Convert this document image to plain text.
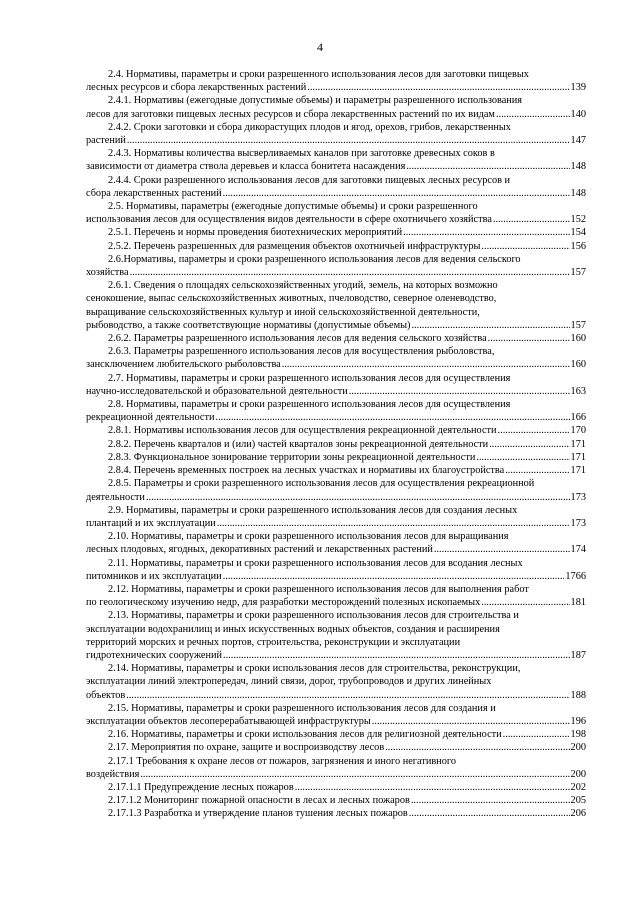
4
2.4. Нормативы, параметры и сроки разрешенного использования лесов для заготовки пищевых
лесных ресурсов и сбора лекарственных растений .....	139
2.4.1. Нормативы (ежегодные допустимые объемы) и параметры разрешенного использования
лесов для заготовки пищевых лесных ресурсов и сбора лекарственных растений по их видам .....	140
2.4.2. Сроки заготовки и сбора дикорастущих плодов и ягод, орехов, грибов, лекарственных
растений .....	147
2.4.3. Нормативы количества высверливаемых каналов при заготовке древесных соков в
зависимости от диаметра ствола деревьев и класса бонитета насаждения .....	148
2.4.4. Сроки разрешенного использования лесов для заготовки пищевых лесных ресурсов и
сбора лекарственных растений .....	148
2.5. Нормативы, параметры (ежегодные допустимые объемы) и сроки разрешенного
использования лесов для осуществления видов деятельности в сфере охотничьего хозяйства .....	152
2.5.1. Перечень и нормы проведения биотехнических мероприятий .....	154
2.5.2. Перечень разрешенных для размещения объектов охотничьей инфраструктуры .....	156
2.6.Нормативы, параметры и сроки разрешенного использования лесов для ведения сельского
хозяйства .....	157
2.6.1. Сведения о площадях сельскохозяйственных угодий, земель, на которых возможно
сенокошение, выпас сельскохозяйственных животных, пчеловодство, северное оленеводство,
выращивание сельскохозяйственных культур и иной сельскохозяйственной деятельности,
рыбоводство, а также соответствующие нормативы (допустимые объемы) .....	157
2.6.2. Параметры разрешенного использования лесов для ведения сельского хозяйства .....	160
2.6.3. Параметры разрешенного использования лесов для восуществления рыболовства,
зансключением любительского рыболовства .....	160
2.7. Нормативы, параметры и сроки разрешенного использования лесов для осуществления
научно-исследовательской и образовательной деятельности .....	163
2.8. Нормативы, параметры и сроки разрешенного использования лесов для осуществления
рекреационной деятельности .....	166
2.8.1. Нормативы использования лесов для осуществления рекреационной деятельности .....	170
2.8.2. Перечень кварталов и (или) частей кварталов зоны рекреационной деятельности .....	171
2.8.3. Функциональное зонирование территории зоны рекреационной деятельности .....	171
2.8.4. Перечень временных построек на лесных участках и нормативы их благоустройства .....	171
2.8.5. Параметры и сроки разрешенного использования лесов для осуществления рекреационной
деятельности .....	173
2.9. Нормативы, параметры и сроки разрешенного использования лесов для создания лесных
плантаций и их эксплуатации .....	173
2.10. Нормативы, параметры и сроки разрешенного использования лесов для выращивания
лесных плодовых, ягодных, декоративных растений и лекарственных растений .....	174
2.11. Нормативы, параметры и сроки разрешенного использования лесов для всодания лесных
питомников и их эксплуатации .....	1766
2.12. Нормативы, параметры и сроки разрешенного использования лесов для выполнения работ
по геологическому изучению недр, для разработки месторождений полезных ископаемых .....	181
2.13. Нормативы, параметры и сроки разрешенного использования лесов для строительства и
эксплуатации водохранилищ и иных искусственных водных объектов, создания и расширения
территорий морских и речных портов, строительства, реконструкции и эксплуатации
гидротехнических сооружений .....	187
2.14. Нормативы, параметры и сроки использования лесов для строительства, реконструкции,
эксплуатации линий электропередач, линий связи, дорог, трубопроводов и других линейных
объектов .....	188
2.15. Нормативы, параметры и сроки разрешенного использования лесов для создания и
эксплуатации объектов лесоперерабатывающей инфраструктуры .....	196
2.16. Нормативы, параметры и сроки использования лесов для религиозной деятельности .....	198
2.17. Мероприятия по охране, защите и воспроизводству лесов .....	200
2.17.1 Требования к охране лесов от пожаров, загрязнения и иного негативного
воздействия .....	200
2.17.1.1 Предупреждение лесных пожаров .....	202
2.17.1.2 Мониторинг пожарной опасности в лесах и лесных пожаров .....	205
2.17.1.3 Разработка и утверждение планов тушения лесных пожаров .....	206
